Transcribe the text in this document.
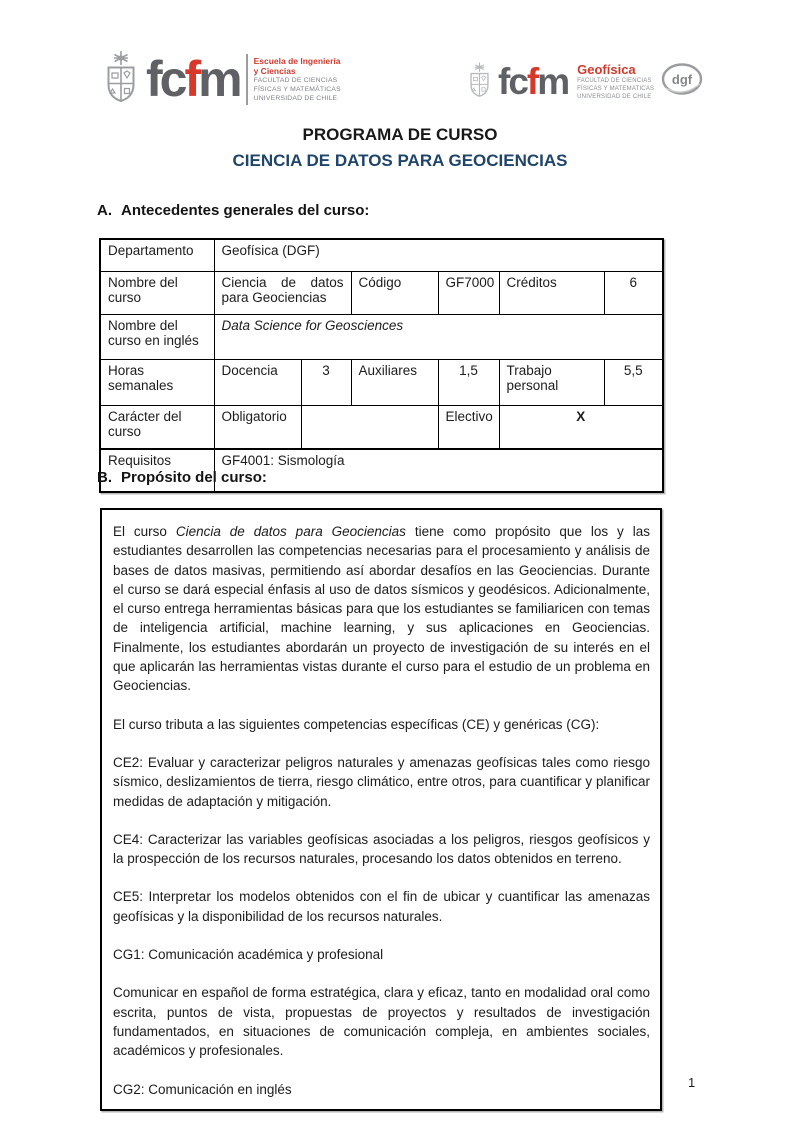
fcfm Escuela de Ingeniería
y Ciencias
FACULTAD DE CIENCIAS
FÍSICAS Y MATEMÁTICAS
UNIVERSIDAD DE CHILE	fcfm Geofísica
FACULTAD DE CIENCIAS
FÍSICAS Y MATEMATICAS
UNIVERSIDAD DE CHILE
dgf
PROGRAMA DE CURSO
CIENCIA DE DATOS PARA GEOCIENCIAS
A. Antecedentes generales del curso:
Departamento	Geofísica (DGF)					
Nombre del curso	Ciencia de datos para Geociencias		Código	GF7000	Créditos	6
Nombre del curso en inglés	Data Science for Geosciences					
Horas semanales	Docencia	3	Auxiliares	1,5	Trabajo personal	5,5
Carácter del curso	Obligatorio			Electivo	X	
Requisitos	GF4001: Sismología					
B. Propósito del curso:

El curso Ciencia de datos para Geociencias tiene como propósito que los y las estudiantes desarrollen las competencias necesarias para el procesamiento y análisis de bases de datos masivas, permitiendo así abordar desafíos en las Geociencias. Durante el curso se dará especial énfasis al uso de datos sísmicos y geodésicos. Adicionalmente, el curso entrega herramientas básicas para que los estudiantes se familiaricen con temas de inteligencia artificial, machine learning, y sus aplicaciones en Geociencias. Finalmente, los estudiantes abordarán un proyecto de investigación de su interés en el que aplicarán las herramientas vistas durante el curso para el estudio de un problema en Geociencias.

El curso tributa a las siguientes competencias específicas (CE) y genéricas (CG):

CE2: Evaluar y caracterizar peligros naturales y amenazas geofísicas tales como riesgo sísmico, deslizamientos de tierra, riesgo climático, entre otros, para cuantificar y planificar medidas de adaptación y mitigación.

CE4: Caracterizar las variables geofísicas asociadas a los peligros, riesgos geofísicos y la prospección de los recursos naturales, procesando los datos obtenidos en terreno.

CE5: Interpretar los modelos obtenidos con el fin de ubicar y cuantificar las amenazas geofísicas y la disponibilidad de los recursos naturales.

CG1: Comunicación académica y profesional

Comunicar en español de forma estratégica, clara y eficaz, tanto en modalidad oral como escrita, puntos de vista, propuestas de proyectos y resultados de investigación fundamentados, en situaciones de comunicación compleja, en ambientes sociales, académicos y profesionales.

CG2: Comunicación en inglés	1
